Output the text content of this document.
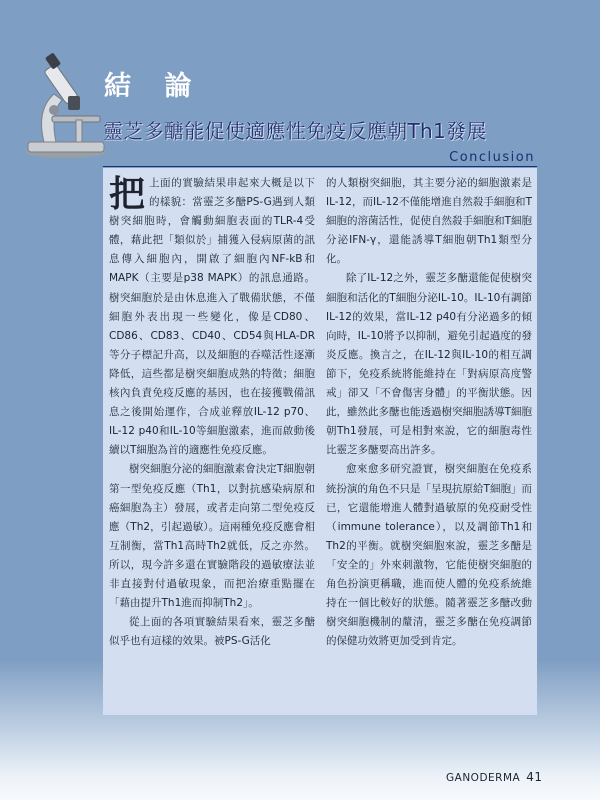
結 論
靈芝多醣能促使適應性免疫反應朝Th1發展
Conclusion

把上面的實驗結果串起來大概是以下的樣貌：當靈芝多醣PS-G遇到人類樹突細胞時，會觸動細胞表面的TLR-4受體，藉此把「類似於」捕獲入侵病原菌的訊息傳入細胞內，開啟了細胞內NF-kB和MAPK（主要是p38 MAPK）的訊息通路。樹突細胞於是由休息進入了戰備狀態，不僅細胞外表出現一些變化，像是CD80、CD86、CD83、CD40、CD54與HLA-DR等分子標記升高，以及細胞的吞噬活性逐漸降低，這些都是樹突細胞成熟的特徵；細胞核內負責免疫反應的基因，也在接獲戰備訊息之後開始運作，合成並釋放IL-12 p70、IL-12 p40和IL-10等細胞激素，進而啟動後續以T細胞為首的適應性免疫反應。

樹突細胞分泌的細胞激素會決定T細胞朝第一型免疫反應（Th1，以對抗感染病原和癌細胞為主）發展，或者走向第二型免疫反應（Th2，引起過敏）。這兩種免疫反應會相互制衡，當Th1高時Th2就低，反之亦然。所以，現今許多還在實驗階段的過敏療法並非直接對付過敏現象，而把治療重點擺在「藉由提升Th1進而抑制Th2」。

從上面的各項實驗結果看來，靈芝多醣似乎也有這樣的效果。被PS-G活化

的人類樹突細胞，其主要分泌的細胞激素是IL-12，而IL-12不僅能增進自然殺手細胞和T細胞的溶菌活性，促使自然殺手細胞和T細胞分泌IFN-γ，還能誘導T細胞朝Th1類型分化。

除了IL-12之外，靈芝多醣還能促使樹突細胞和活化的T細胞分泌IL-10。IL-10有調節IL-12的效果，當IL-12 p40有分泌過多的傾向時，IL-10將予以抑制，避免引起過度的發炎反應。換言之，在IL-12與IL-10的相互調節下，免疫系統將能維持在「對病原高度警戒」卻又「不會傷害身體」的平衡狀態。因此，雖然此多醣也能透過樹突細胞誘導T細胞朝Th1發展，可是相對來說，它的細胞毒性比靈芝多醣要高出許多。

愈來愈多研究證實，樹突細胞在免疫系統扮演的角色不只是「呈現抗原給T細胞」而已，它還能增進人體對過敏原的免疫耐受性（immune tolerance），以及調節Th1和Th2的平衡。就樹突細胞來說，靈芝多醣是「安全的」外來刺激物，它能使樹突細胞的角色扮演更稱職，進而使人體的免疫系統維持在一個比較好的狀態。隨著靈芝多醣改動樹突細胞機制的釐清，靈芝多醣在免疫調節的保健功效將更加受到肯定。

GANODERMA 41
